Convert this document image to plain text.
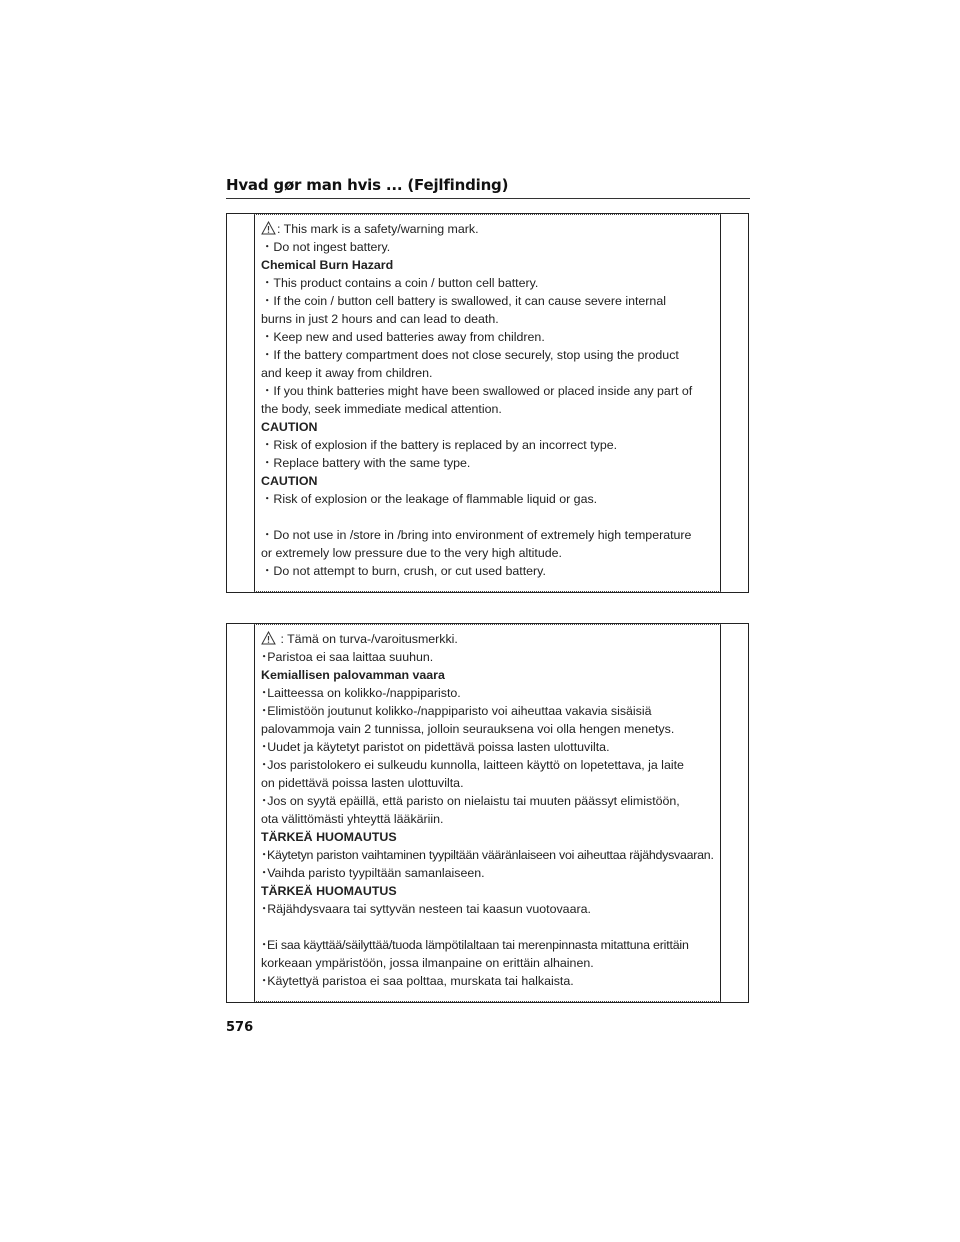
Hvad gør man hvis ... (Fejlfinding)
: This mark is a safety/warning mark.
・Do not ingest battery.
Chemical Burn Hazard
・This product contains a coin / button cell battery.
・If the coin / button cell battery is swallowed, it can cause severe internal
burns in just 2 hours and can lead to death.
・Keep new and used batteries away from children.
・If the battery compartment does not close securely, stop using the product
and keep it away from children.
・If you think batteries might have been swallowed or placed inside any part of
the body, seek immediate medical attention.
CAUTION
・Risk of explosion if the battery is replaced by an incorrect type.
・Replace battery with the same type.
CAUTION
・Risk of explosion or the leakage of flammable liquid or gas.
・Do not use in /store in /bring into environment of extremely high temperature
or extremely low pressure due to the very high altitude.
・Do not attempt to burn, crush, or cut used battery.
: Tämä on turva-/varoitusmerkki.
･Paristoa ei saa laittaa suuhun.
Kemiallisen palovamman vaara
･Laitteessa on kolikko-/nappiparisto.
･Elimistöön joutunut kolikko-/nappiparisto voi aiheuttaa vakavia sisäisiä
palovammoja vain 2 tunnissa, jolloin seurauksena voi olla hengen menetys.
･Uudet ja käytetyt paristot on pidettävä poissa lasten ulottuvilta.
･Jos paristolokero ei sulkeudu kunnolla, laitteen käyttö on lopetettava, ja laite
on pidettävä poissa lasten ulottuvilta.
･Jos on syytä epäillä, että paristo on nielaistu tai muuten päässyt elimistöön,
ota välittömästi yhteyttä lääkäriin.
TÄRKEÄ HUOMAUTUS
･Käytetyn pariston vaihtaminen tyypiltään vääränlaiseen voi aiheuttaa räjähdysvaaran.
･Vaihda paristo tyypiltään samanlaiseen.
TÄRKEÄ HUOMAUTUS
･Räjähdysvaara tai syttyvän nesteen tai kaasun vuotovaara.
･Ei saa käyttää/säilyttää/tuoda lämpötilaltaan tai merenpinnasta mitattuna erittäin
korkeaan ympäristöön, jossa ilmanpaine on erittäin alhainen.
･Käytettyä paristoa ei saa polttaa, murskata tai halkaista.
576
